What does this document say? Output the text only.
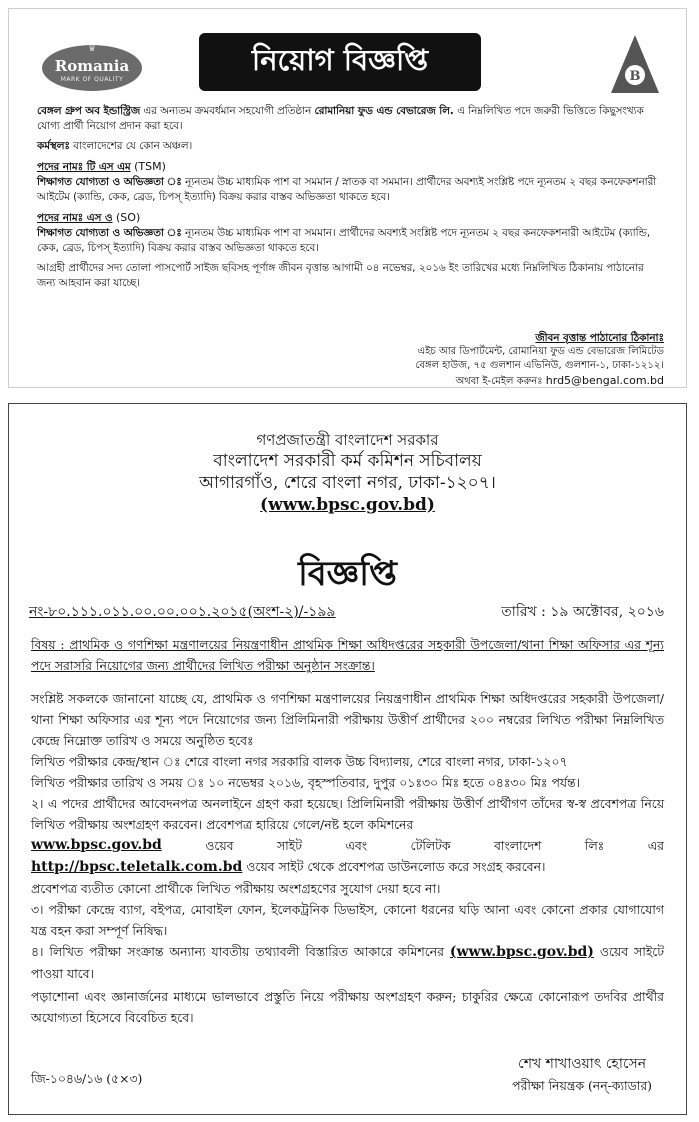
♛
Romania
MARK OF QUALITY
নিয়োগ বিজ্ঞপ্তি	B

বেঙ্গল গ্রুপ অব ইন্ডাস্ট্রিজ এর অন্যতম ক্রমবর্ধমান সহযোগী প্রতিষ্ঠান রোমানিয়া ফুড এন্ড বেভারেজ লি. এ নিম্নলিখিত পদে জরুরী ভিত্তিতে কিছুসংখ্যক যোগ্য প্রার্থী নিয়োগ প্রদান করা হবে।

কর্মস্থলঃ বাংলাদেশের যে কোন অঞ্চল।

পদের নামঃ টি এস এম (TSM)

শিক্ষাগত যোগ্যতা ও অভিজ্ঞতা ঃ ন্যূনতম উচ্চ মাধ্যমিক পাশ বা সমমান / স্নাতক বা সমমান। প্রার্থীদের অবশ্যই সংশ্লিষ্ট পদে ন্যূনতম ২ বছর কনফেকশনারী আইটেম (ক্যান্ডি, কেক, ব্রেড, চিপস্ ইত্যাদি) বিক্রয় করার বাস্তব অভিজ্ঞতা থাকতে হবে।

পদের নামঃ এস ও (SO)

শিক্ষাগত যোগ্যতা ও অভিজ্ঞতা ঃ ন্যূনতম উচ্চ মাধ্যমিক পাশ বা সমমান। প্রার্থীদের অবশ্যই সংশ্লিষ্ট পদে ন্যূনতম ২ বছর কনফেকশনারী আইটেম (ক্যান্ডি, কেক, ব্রেড, চিপস্ ইত্যাদি) বিক্রয় করার বাস্তব অভিজ্ঞতা থাকতে হবে।

আগ্রহী প্রার্থীদের সদ্য তোলা পাসপোর্ট সাইজ ছবিসহ পূর্ণাঙ্গ জীবন বৃত্তান্ত আগামী ০৪ নভেম্বর, ২০১৬ ইং তারিখের মধ্যে নিম্নলিখিত ঠিকানায় পাঠানোর জন্য আহবান করা যাচ্ছে।

জীবন বৃত্তান্ত পাঠানোর ঠিকানাঃ
এইচ আর ডিপার্টমেন্ট, রোমানিয়া ফুড এন্ড বেভারেজ লিমিটেড
বেঙ্গল হাউজ, ৭৫ গুলশান এভিনিউ, গুলশান-১, ঢাকা-১২১২।
অথবা ই-মেইল করুনঃ hrd5@bengal.com.bd
গণপ্রজাতন্ত্রী বাংলাদেশ সরকার
বাংলাদেশ সরকারী কর্ম কমিশন সচিবালয়
আগারগাঁও, শেরে বাংলা নগর, ঢাকা-১২০৭।
(www.bpsc.gov.bd)
বিজ্ঞপ্তি
নং-৮০.১১১.০১১.০০.০০.০০১.২০১৫(অংশ-২)/-১৯৯	তারিখ : ১৯ অক্টোবর, ২০১৬

বিষয় : প্রাথমিক ও গণশিক্ষা মন্ত্রণালয়ের নিয়ন্ত্রণাধীন প্রাথমিক শিক্ষা অধিদপ্তরের সহকারী উপজেলা/থানা শিক্ষা অফিসার এর শূন্য পদে সরাসরি নিয়োগের জন্য প্রার্থীদের লিখিত পরীক্ষা অনুষ্ঠান সংক্রান্ত।

সংশ্লিষ্ট সকলকে জানানো যাচ্ছে যে, প্রাথমিক ও গণশিক্ষা মন্ত্রণালয়ের নিয়ন্ত্রণাধীন প্রাথমিক শিক্ষা অধিদপ্তরের সহকারী উপজেলা/থানা শিক্ষা অফিসার এর শূন্য পদে নিয়োগের জন্য প্রিলিমিনারী পরীক্ষায় উত্তীর্ণ প্রার্থীদের ২০০ নম্বরের লিখিত পরীক্ষা নিম্নলিখিত কেন্দ্রে নিম্নোক্ত তারিখ ও সময়ে অনুষ্ঠিত হবেঃ

লিখিত পরীক্ষার কেন্দ্র/স্থান ঃ শেরে বাংলা নগর সরকারি বালক উচ্চ বিদ্যালয়, শেরে বাংলা নগর, ঢাকা-১২০৭

লিখিত পরীক্ষার তারিখ ও সময় ঃ ১০ নভেম্বর ২০১৬, বৃহস্পতিবার, দুপুর ০১ঃ৩০ মিঃ হতে ০৪ঃ৩০ মিঃ পর্যন্ত।

২। এ পদের প্রার্থীদের আবেদনপত্র অনলাইনে গ্রহণ করা হয়েছে। প্রিলিমিনারী পরীক্ষায় উত্তীর্ণ প্রার্থীগণ তাঁদের স্ব-স্ব প্রবেশপত্র নিয়ে লিখিত পরীক্ষায় অংশগ্রহণ করবেন। প্রবেশপত্র হারিয়ে গেলে/নষ্ট হলে কমিশনের

www.bpsc.gov.bd	ওয়েব	সাইট	এবং	টেলিটক	বাংলাদেশ	লিঃ	এর

http://bpsc.teletalk.com.bd ওয়েব সাইট থেকে প্রবেশপত্র ডাউনলোড করে সংগ্রহ করবেন।

প্রবেশপত্র ব্যতীত কোনো প্রার্থীকে লিখিত পরীক্ষায় অংশগ্রহণের সুযোগ দেয়া হবে না।

৩। পরীক্ষা কেন্দ্রে ব্যাগ, বইপত্র, মোবাইল ফোন, ইলেকট্রনিক ডিভাইস, কোনো ধরনের ঘড়ি আনা এবং কোনো প্রকার যোগাযোগ যন্ত্র বহন করা সম্পূর্ণ নিষিদ্ধ।

৪। লিখিত পরীক্ষা সংক্রান্ত অন্যান্য যাবতীয় তথ্যাবলী বিস্তারিত আকারে কমিশনের (www.bpsc.gov.bd) ওয়েব সাইটে পাওয়া যাবে।

পড়াশোনা এবং জ্ঞানার্জনের মাধ্যমে ভালভাবে প্রস্তুতি নিয়ে পরীক্ষায় অংশগ্রহণ করুন; চাকুরির ক্ষেত্রে কোনোরূপ তদবির প্রার্থীর অযোগ্যতা হিসেবে বিবেচিত হবে।

জি-১০৪৬/১৬ (৫×৩)
শেখ শাখাওয়াৎ হোসেন
পরীক্ষা নিয়ন্ত্রক (নন্-ক্যাডার)
